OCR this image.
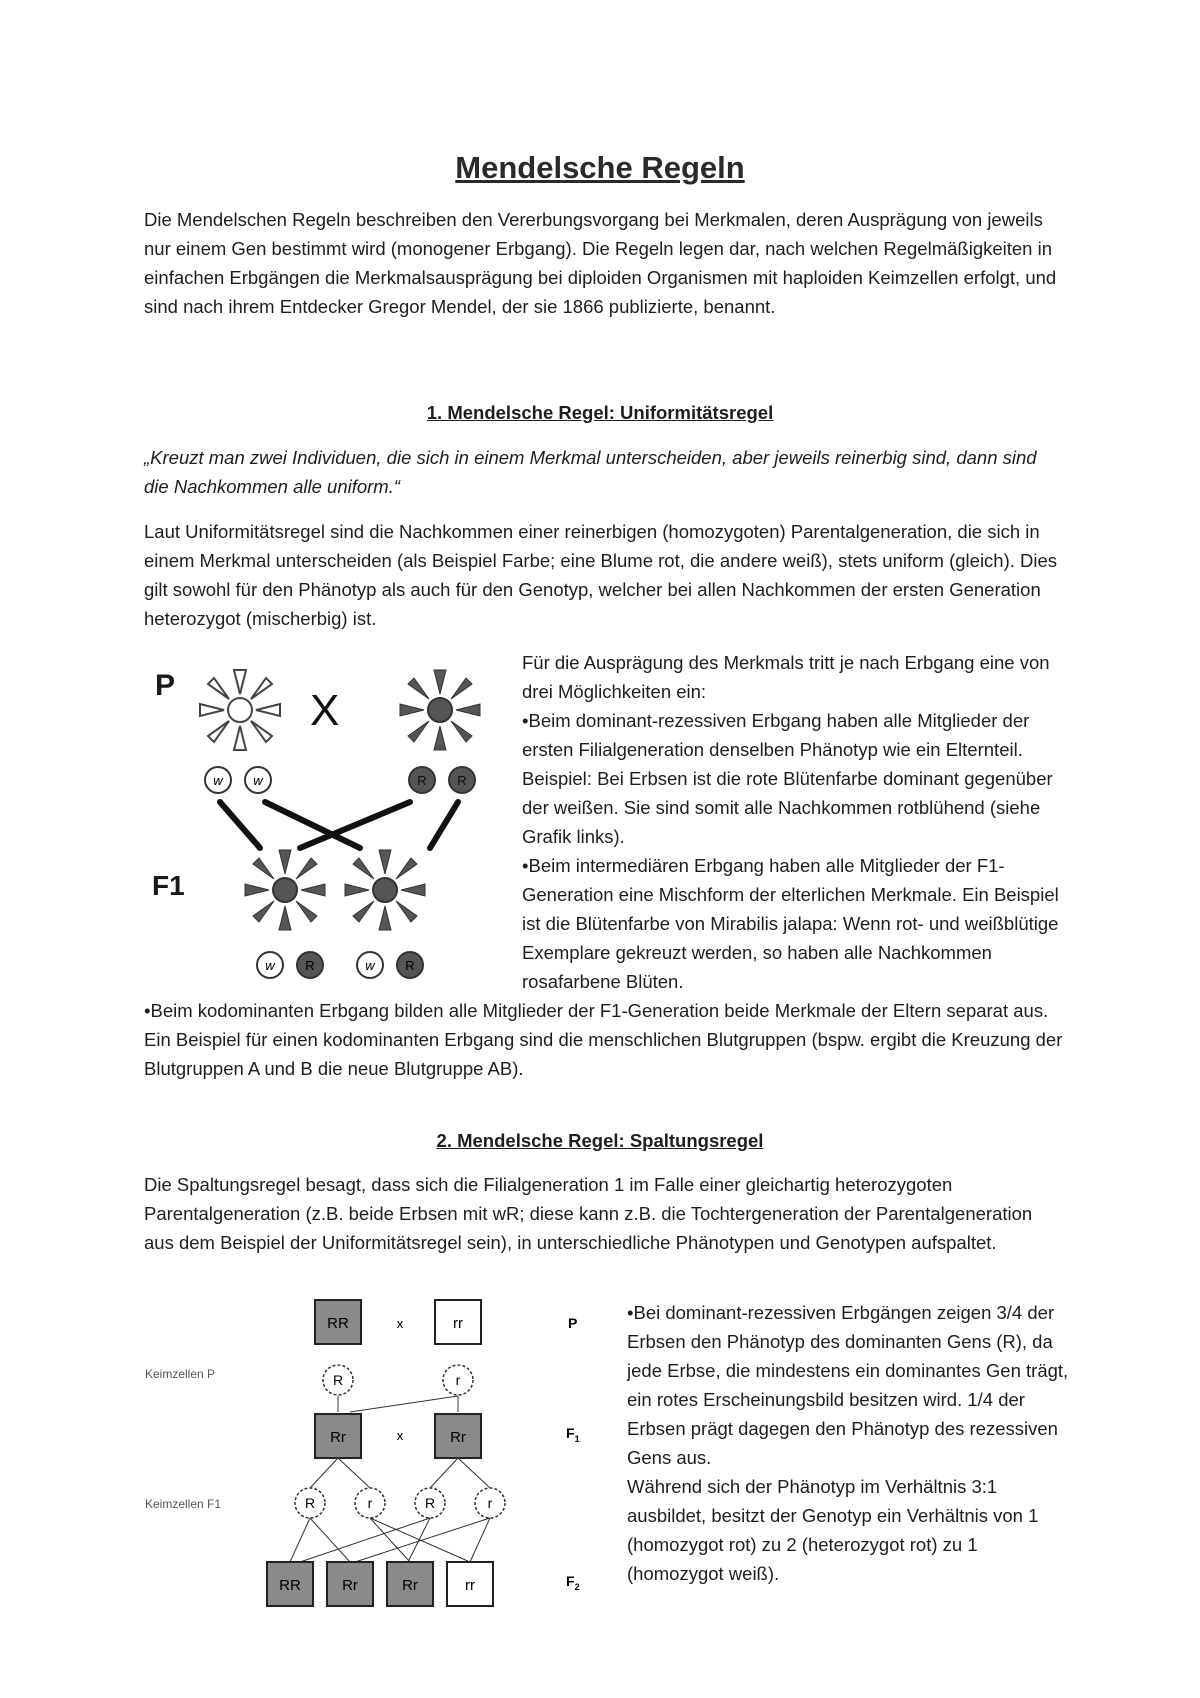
Mendelsche Regeln

Die Mendelschen Regeln beschreiben den Vererbungsvorgang bei Merkmalen, deren Ausprägung von jeweils nur einem Gen bestimmt wird (monogener Erbgang). Die Regeln legen dar, nach welchen Regelmäßigkeiten in einfachen Erbgängen die Merkmalsausprägung bei diploiden Organismen mit haploiden Keimzellen erfolgt, und sind nach ihrem Entdecker Gregor Mendel, der sie 1866 publizierte, benannt.

1. Mendelsche Regel: Uniformitätsregel

„Kreuzt man zwei Individuen, die sich in einem Merkmal unterscheiden, aber jeweils reinerbig sind, dann sind die Nachkommen alle uniform.“

Laut Uniformitätsregel sind die Nachkommen einer reinerbigen (homozygoten) Parentalgeneration, die sich in einem Merkmal unterscheiden (als Beispiel Farbe; eine Blume rot, die andere weiß), stets uniform (gleich). Dies gilt sowohl für den Phänotyp als auch für den Genotyp, welcher bei allen Nachkommen der ersten Generation heterozygot (mischerbig) ist.

P
F1
X
w w	R R
w R	w R

Für die Ausprägung des Merkmals tritt je nach Erbgang eine von drei Möglichkeiten ein:

•Beim dominant-rezessiven Erbgang haben alle Mitglieder der ersten Filialgeneration denselben Phänotyp wie ein Elternteil. Beispiel: Bei Erbsen ist die rote Blütenfarbe dominant gegenüber der weißen. Sie sind somit alle Nachkommen rotblühend (siehe Grafik links).

•Beim intermediären Erbgang haben alle Mitglieder der F1-Generation eine Mischform der elterlichen Merkmale. Ein Beispiel ist die Blütenfarbe von Mirabilis jalapa: Wenn rot- und weißblütige Exemplare gekreuzt werden, so haben alle Nachkommen rosafarbene Blüten.

•Beim kodominanten Erbgang bilden alle Mitglieder der F1-Generation beide Merkmale der Eltern separat aus. Ein Beispiel für einen kodominanten Erbgang sind die menschlichen Blutgruppen (bspw. ergibt die Kreuzung der Blutgruppen A und B die neue Blutgruppe AB).

2. Mendelsche Regel: Spaltungsregel

Die Spaltungsregel besagt, dass sich die Filialgeneration 1 im Falle einer gleichartig heterozygoten Parentalgeneration (z.B. beide Erbsen mit wR; diese kann z.B. die Tochtergeneration der Parentalgeneration aus dem Beispiel der Uniformitätsregel sein), in unterschiedliche Phänotypen und Genotypen aufspaltet.

RR	x	rr	P
Keimzellen P	R	r
Rr	x	Rr	$F_1$
Keimzellen F1	R	r	R	r
RR	Rr	Rr	rr	$F_2$

•Bei dominant-rezessiven Erbgängen zeigen 3/4 der Erbsen den Phänotyp des dominanten Gens (R), da jede Erbse, die mindestens ein dominantes Gen trägt, ein rotes Erscheinungsbild besitzen wird. 1/4 der Erbsen prägt dagegen den Phänotyp des rezessiven Gens aus.

Während sich der Phänotyp im Verhältnis 3:1 ausbildet, besitzt der Genotyp ein Verhältnis von 1 (homozygot rot) zu 2 (heterozygot rot) zu 1 (homozygot weiß).
